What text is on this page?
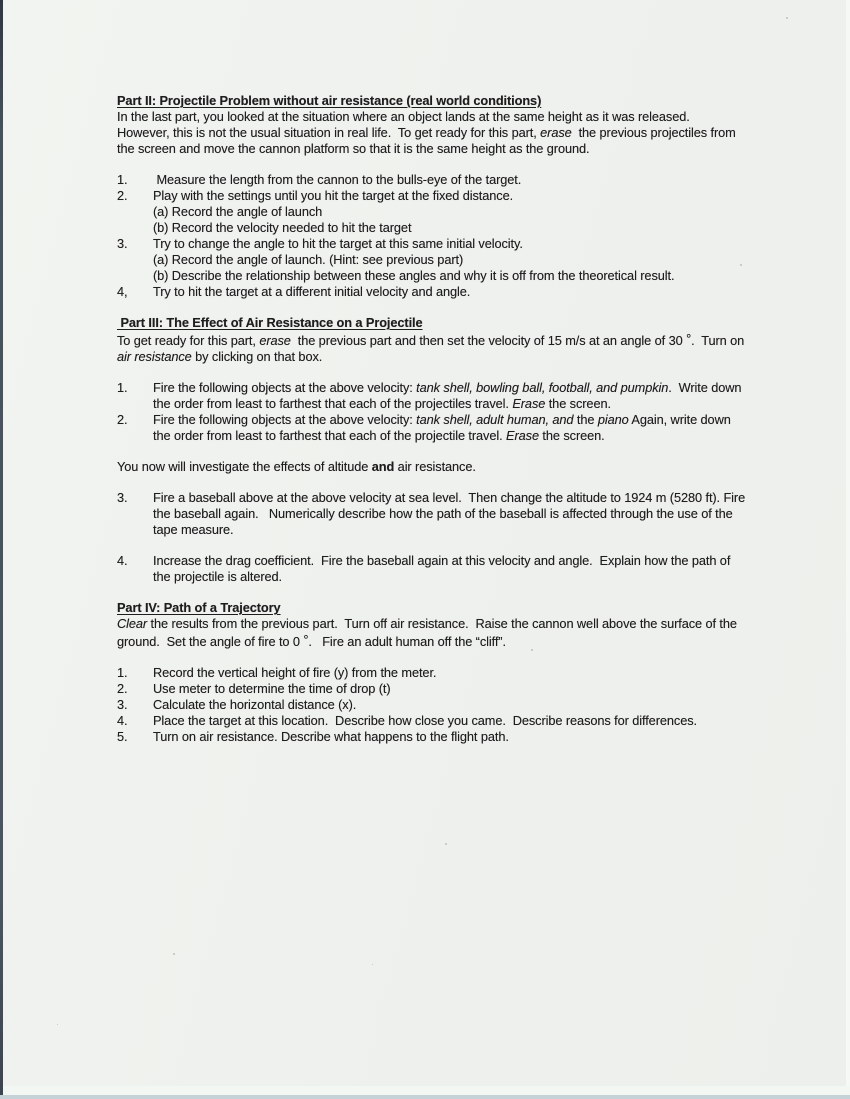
Part II: Projectile Problem without air resistance (real world conditions)
In the last part, you looked at the situation where an object lands at the same height as it was released.  However, this is not the usual situation in real life.  To get ready for this part, erase  the previous projectiles from the screen and move the cannon platform so that it is the same height as the ground.
1.	Measure the length from the cannon to the bulls-eye of the target.
2.	Play with the settings until you hit the target at the fixed distance.
(a) Record the angle of launch
(b) Record the velocity needed to hit the target
3.	Try to change the angle to hit the target at this same initial velocity.
(a) Record the angle of launch. (Hint: see previous part)
(b) Describe the relationship between these angles and why it is off from the theoretical result.
4,	Try to hit the target at a different initial velocity and angle.
Part III: The Effect of Air Resistance on a Projectile
To get ready for this part, erase  the previous part and then set the velocity of 15 m/s at an angle of 30 °.  Turn on air resistance by clicking on that box.
1.	Fire the following objects at the above velocity: tank shell, bowling ball, football, and pumpkin.  Write down the order from least to farthest that each of the projectiles travel. Erase the screen.
2.	Fire the following objects at the above velocity: tank shell, adult human, and the piano Again, write down the order from least to farthest that each of the projectile travel. Erase the screen.
You now will investigate the effects of altitude and air resistance.
3.	Fire a baseball above at the above velocity at sea level.  Then change the altitude to 1924 m (5280 ft). Fire the baseball again.   Numerically describe how the path of the baseball is affected through the use of the tape measure.
4.	Increase the drag coefficient.  Fire the baseball again at this velocity and angle.  Explain how the path of the projectile is altered.
Part IV: Path of a Trajectory
Clear the results from the previous part.  Turn off air resistance.  Raise the cannon well above the surface of the ground.  Set the angle of fire to 0 °.   Fire an adult human off the “cliff”.
1.	Record the vertical height of fire (y) from the meter.
2.	Use meter to determine the time of drop (t)
3.	Calculate the horizontal distance (x).
4.	Place the target at this location.  Describe how close you came.  Describe reasons for differences.
5.	Turn on air resistance. Describe what happens to the flight path.
